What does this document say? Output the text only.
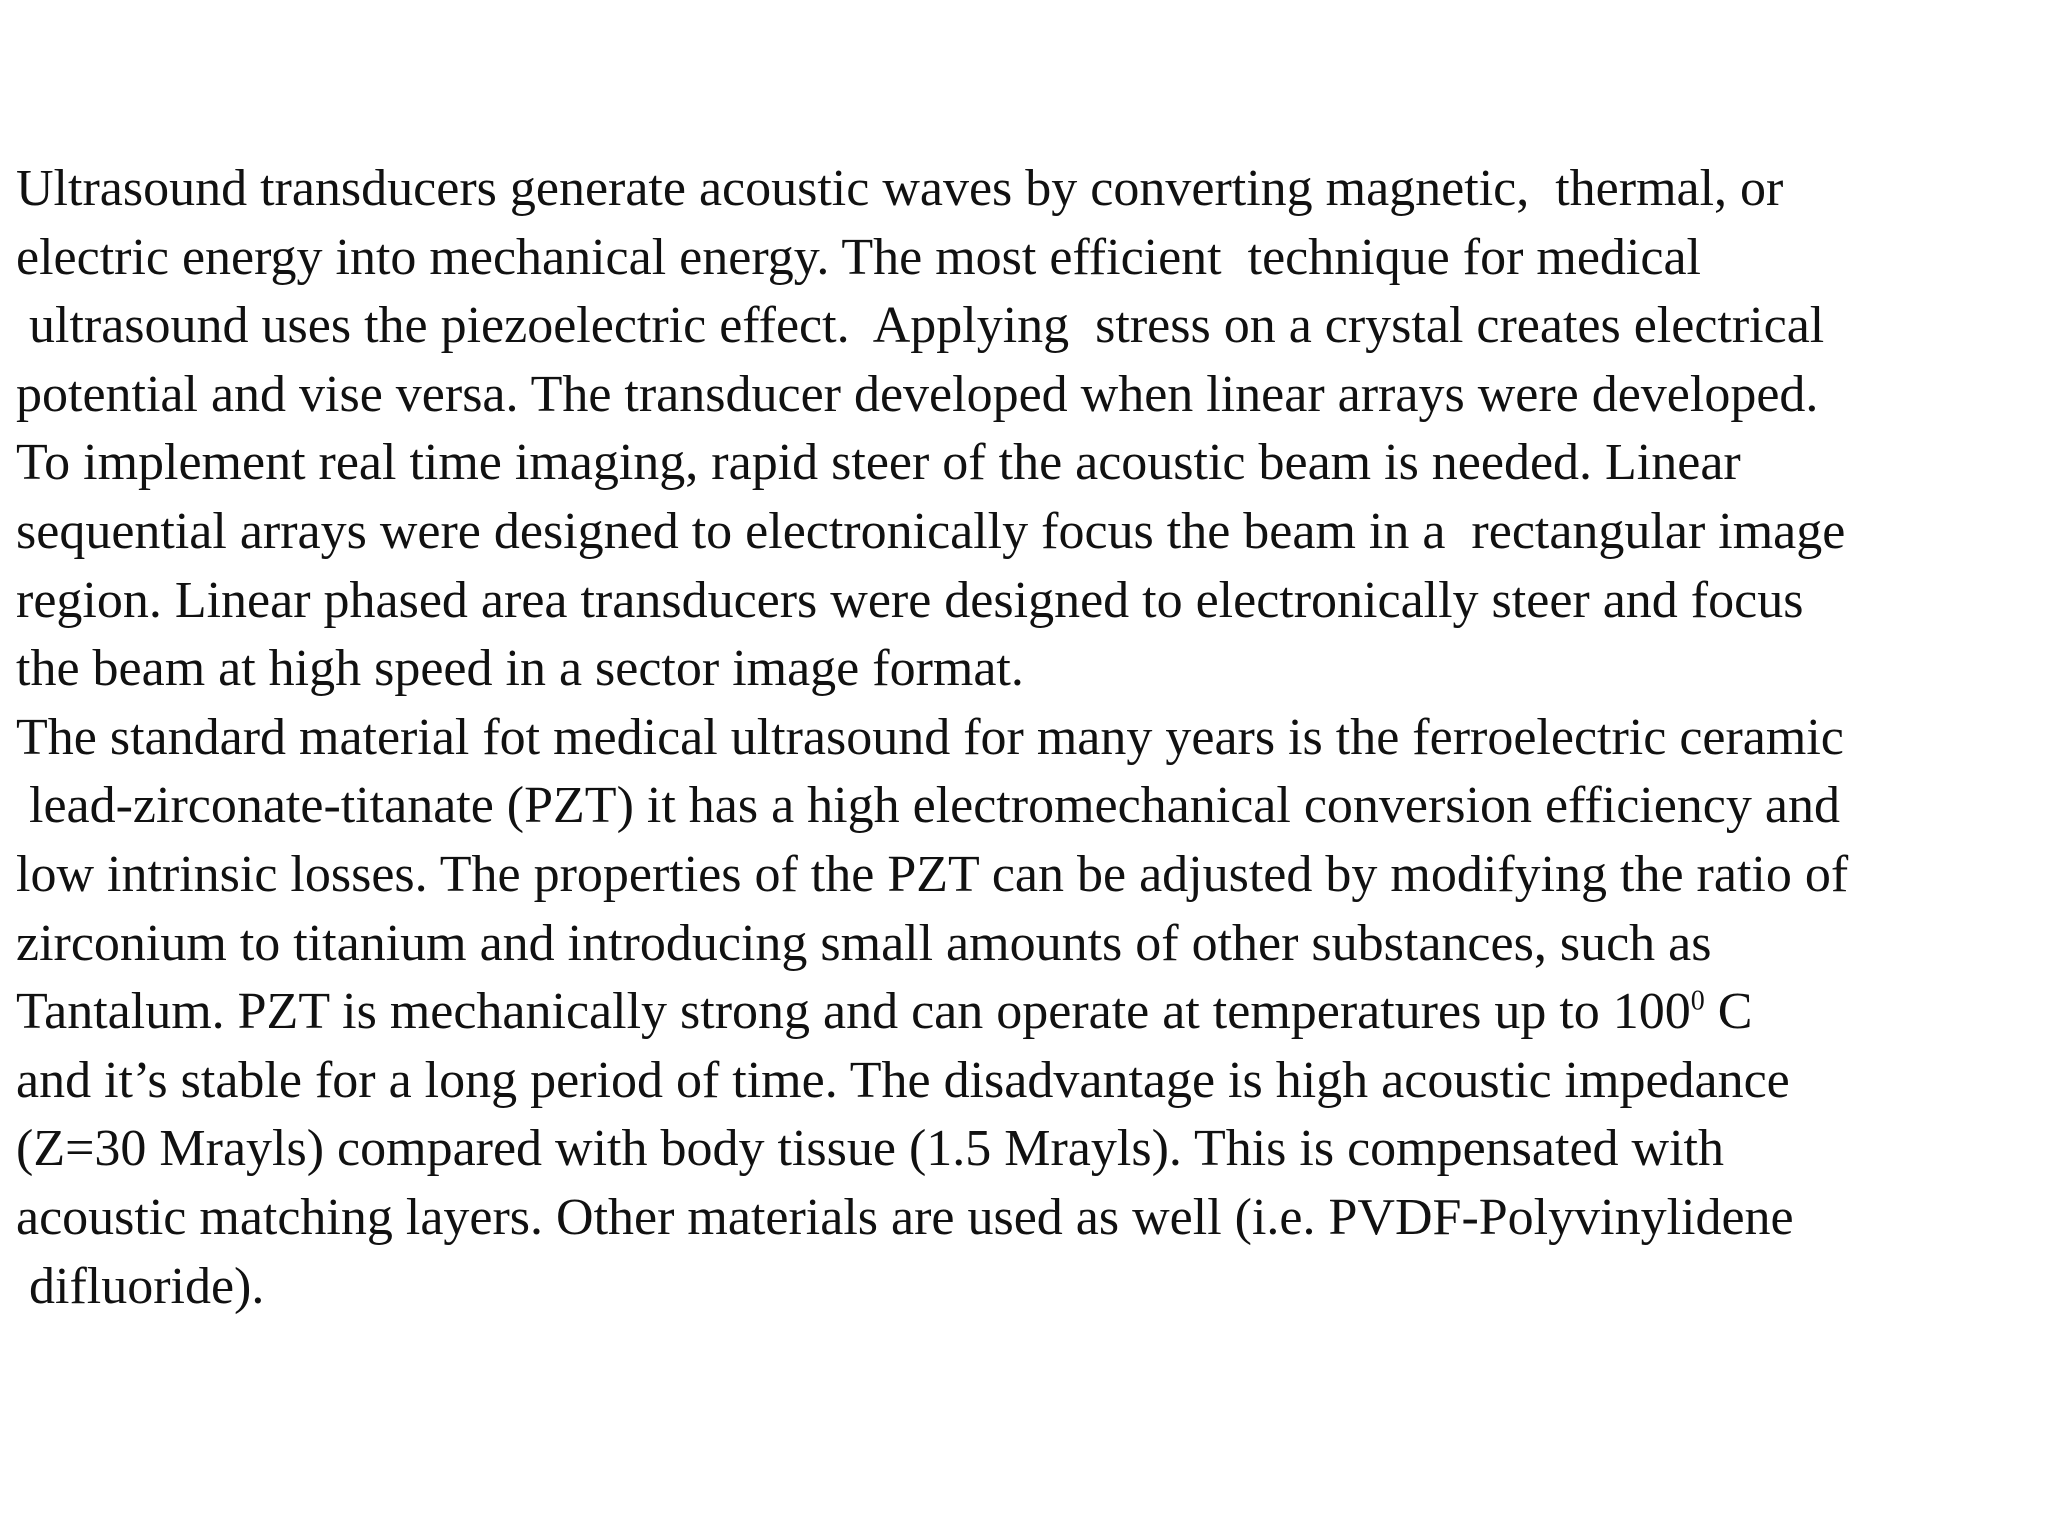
Ultrasound transducers generate acoustic waves by converting magnetic,  thermal, or
electric energy into mechanical energy. The most efficient  technique for medical
ultrasound uses the piezoelectric effect.  Applying  stress on a crystal creates electrical
potential and vise versa. The transducer developed when linear arrays were developed.
To implement real time imaging, rapid steer of the acoustic beam is needed. Linear
sequential arrays were designed to electronically focus the beam in a  rectangular image
region. Linear phased area transducers were designed to electronically steer and focus
the beam at high speed in a sector image format.
The standard material fot medical ultrasound for many years is the ferroelectric ceramic
lead-zirconate-titanate (PZT) it has a high electromechanical conversion efficiency and
low intrinsic losses. The properties of the PZT can be adjusted by modifying the ratio of
zirconium to titanium and introducing small amounts of other substances, such as
Tantalum. PZT is mechanically strong and can operate at temperatures up to $100^0$ C
and it’s stable for a long period of time. The disadvantage is high acoustic impedance
(Z=30 Mrayls) compared with body tissue (1.5 Mrayls). This is compensated with
acoustic matching layers. Other materials are used as well (i.e. PVDF-Polyvinylidene
difluoride).
